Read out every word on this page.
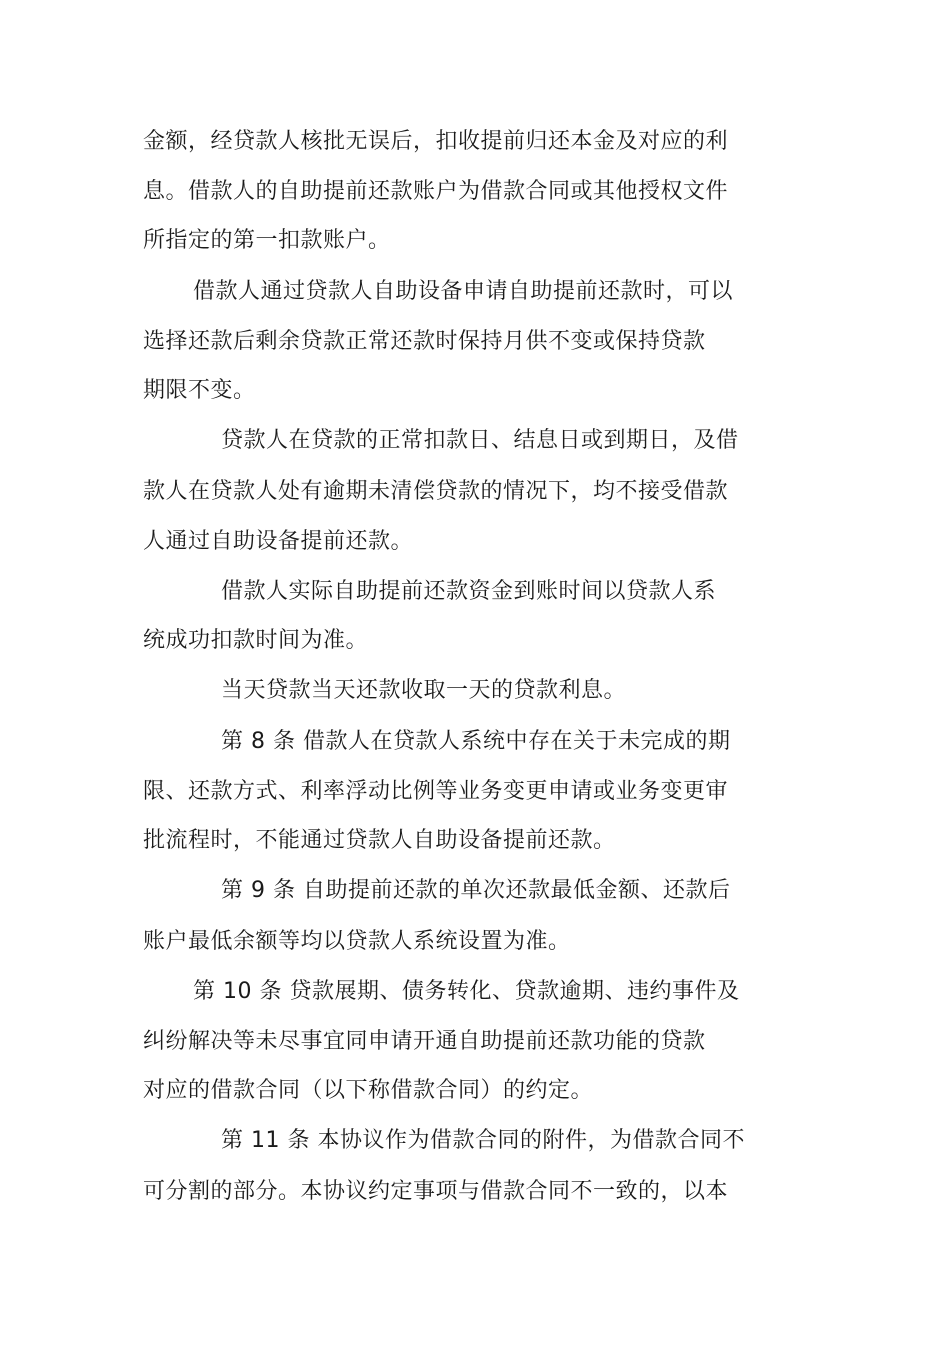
金额，经贷款人核批无误后，扣收提前归还本金及对应的利
息。借款人的自助提前还款账户为借款合同或其他授权文件
所指定的第一扣款账户。
借款人通过贷款人自助设备申请自助提前还款时，可以
选择还款后剩余贷款正常还款时保持月供不变或保持贷款
期限不变。
贷款人在贷款的正常扣款日、结息日或到期日，及借
款人在贷款人处有逾期未清偿贷款的情况下，均不接受借款
人通过自助设备提前还款。
借款人实际自助提前还款资金到账时间以贷款人系
统成功扣款时间为准。
当天贷款当天还款收取一天的贷款利息。
第 8 条 借款人在贷款人系统中存在关于未完成的期
限、还款方式、利率浮动比例等业务变更申请或业务变更审
批流程时，不能通过贷款人自助设备提前还款。
第 9 条 自助提前还款的单次还款最低金额、还款后
账户最低余额等均以贷款人系统设置为准。
第 10 条 贷款展期、债务转化、贷款逾期、违约事件及
纠纷解决等未尽事宜同申请开通自助提前还款功能的贷款
对应的借款合同（以下称借款合同）的约定。
第 11 条 本协议作为借款合同的附件，为借款合同不
可分割的部分。本协议约定事项与借款合同不一致的，以本
